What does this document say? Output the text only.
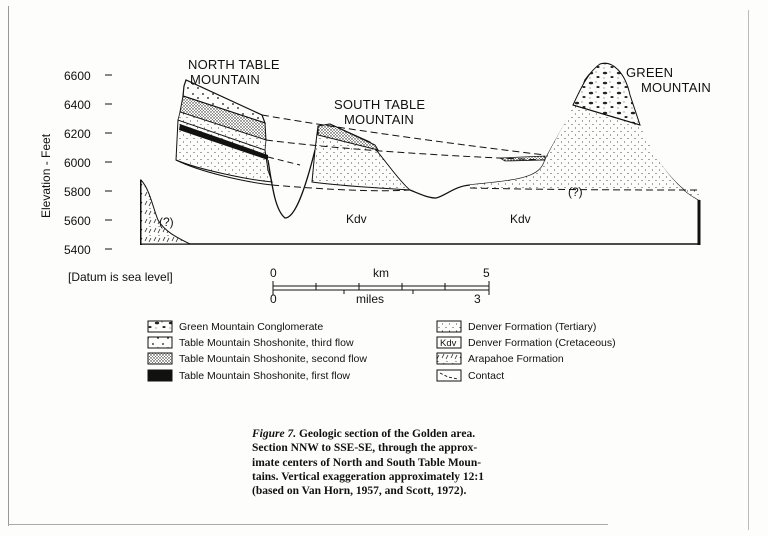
6600
6400
6200
6000
5800
5600
5400
Elevation - Feet
NORTH TABLE
MOUNTAIN
SOUTH TABLE
MOUNTAIN
GREEN
MOUNTAIN
Kdv	Kdv
(?)
(?)
[Datum is sea level]	0	km	5
0	miles	3
Green Mountain Conglomerate
Table Mountain Shoshonite, third flow
Table Mountain Shoshonite, second flow
Table Mountain Shoshonite, first flow
Denver Formation (Tertiary)
Kdv Denver Formation (Cretaceous)
Arapahoe Formation
Contact
Figure 7. Geologic section of the Golden area.
Section NNW to SSE-SE, through the approx-
imate centers of North and South Table Moun-
tains. Vertical exaggeration approximately 12:1
(based on Van Horn, 1957, and Scott, 1972).
